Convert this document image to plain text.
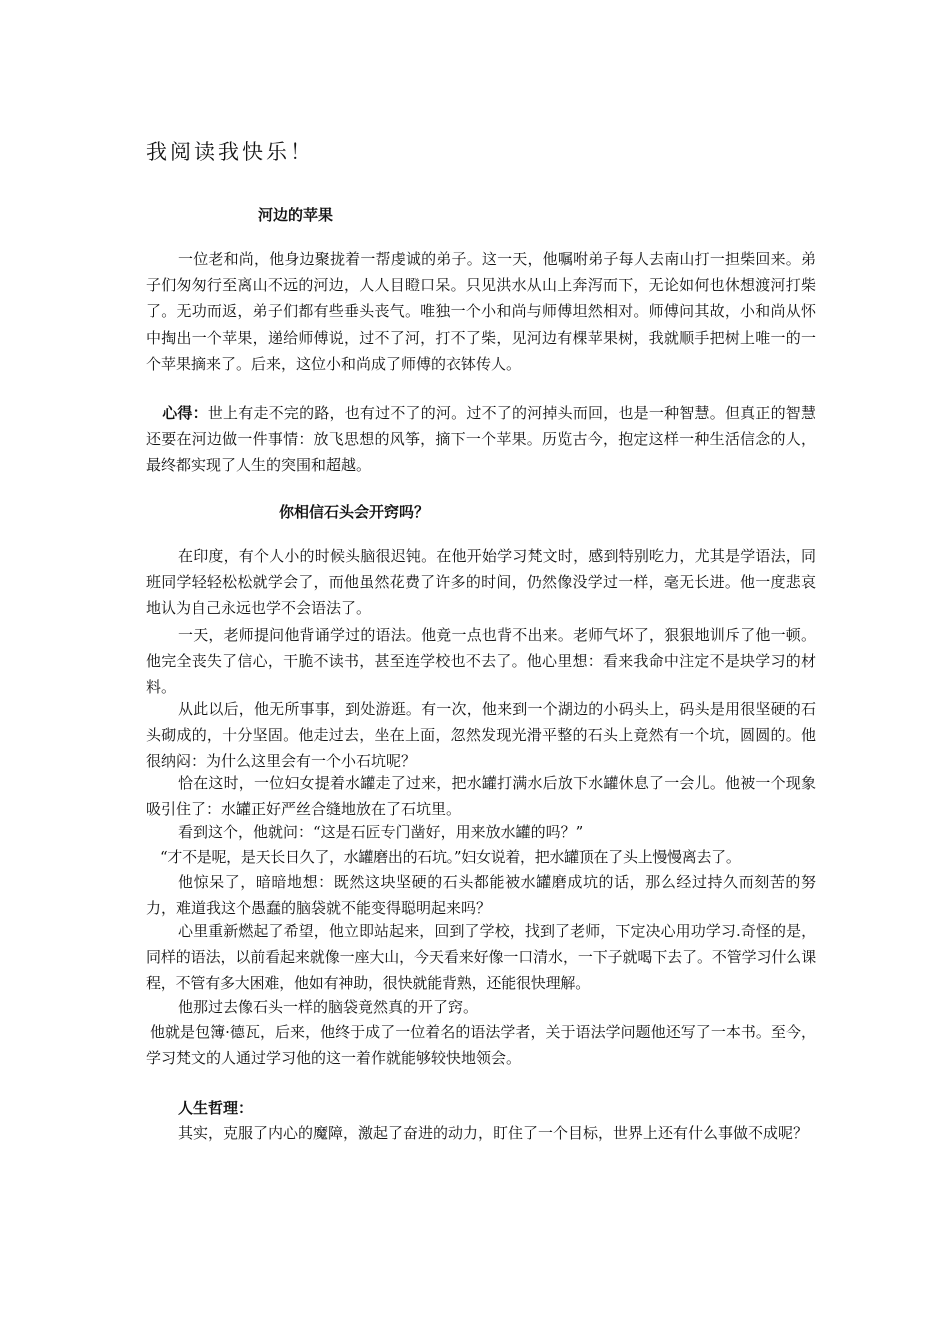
我阅读我快乐！
河边的苹果

一位老和尚，他身边聚拢着一帮虔诚的弟子。这一天，他嘱咐弟子每人去南山打一担柴回来。弟子们匆匆行至离山不远的河边，人人目瞪口呆。只见洪水从山上奔泻而下，无论如何也休想渡河打柴了。无功而返，弟子们都有些垂头丧气。唯独一个小和尚与师傅坦然相对。师傅问其故，小和尚从怀中掏出一个苹果，递给师傅说，过不了河，打不了柴，见河边有棵苹果树，我就顺手把树上唯一的一个苹果摘来了。后来，这位小和尚成了师傅的衣钵传人。

心得：世上有走不完的路，也有过不了的河。过不了的河掉头而回，也是一种智慧。但真正的智慧还要在河边做一件事情：放飞思想的风筝，摘下一个苹果。历览古今，抱定这样一种生活信念的人，最终都实现了人生的突围和超越。

你相信石头会开窍吗？

在印度，有个人小的时候头脑很迟钝。在他开始学习梵文时，感到特别吃力，尤其是学语法，同班同学轻轻松松就学会了，而他虽然花费了许多的时间，仍然像没学过一样，毫无长进。他一度悲哀地认为自己永远也学不会语法了。

一天，老师提问他背诵学过的语法。他竟一点也背不出来。老师气坏了，狠狠地训斥了他一顿。他完全丧失了信心，干脆不读书，甚至连学校也不去了。他心里想：看来我命中注定不是块学习的材料。

从此以后，他无所事事，到处游逛。有一次，他来到一个湖边的小码头上，码头是用很坚硬的石头砌成的，十分坚固。他走过去，坐在上面，忽然发现光滑平整的石头上竟然有一个坑，圆圆的。他很纳闷：为什么这里会有一个小石坑呢？

恰在这时，一位妇女提着水罐走了过来，把水罐打满水后放下水罐休息了一会儿。他被一个现象吸引住了：水罐正好严丝合缝地放在了石坑里。

看到这个，他就问：“这是石匠专门凿好，用来放水罐的吗？”

“才不是呢，是天长日久了，水罐磨出的石坑。”妇女说着，把水罐顶在了头上慢慢离去了。

他惊呆了，暗暗地想：既然这块坚硬的石头都能被水罐磨成坑的话，那么经过持久而刻苦的努力，难道我这个愚蠢的脑袋就不能变得聪明起来吗？

心里重新燃起了希望，他立即站起来，回到了学校，找到了老师，下定决心用功学习.奇怪的是，同样的语法，以前看起来就像一座大山，今天看来好像一口清水，一下子就喝下去了。不管学习什么课程，不管有多大困难，他如有神助，很快就能背熟，还能很快理解。

他那过去像石头一样的脑袋竟然真的开了窍。

他就是包簿·德瓦，后来，他终于成了一位着名的语法学者，关于语法学问题他还写了一本书。至今，学习梵文的人通过学习他的这一着作就能够较快地领会。

人生哲理：

其实，克服了内心的魔障，激起了奋进的动力，盯住了一个目标，世界上还有什么事做不成呢？
